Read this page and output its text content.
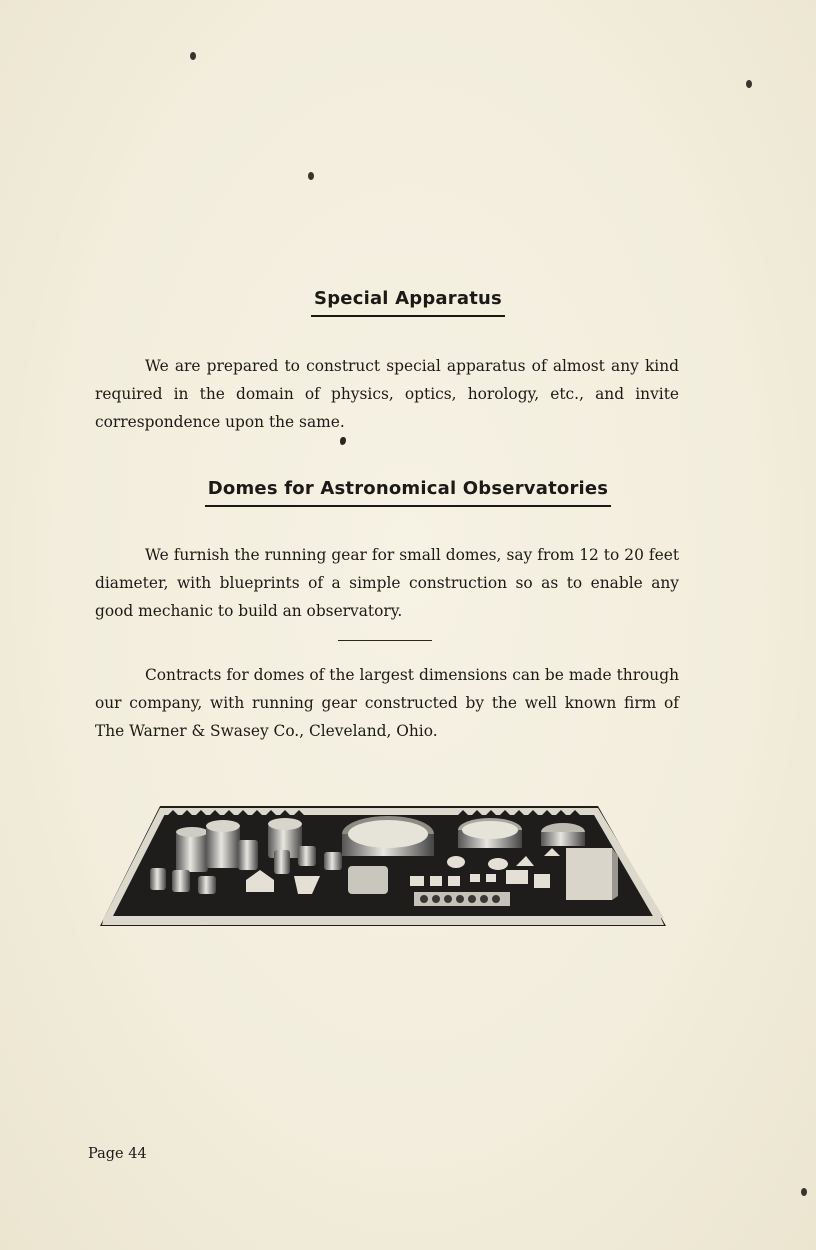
Special Apparatus
We are prepared to construct special apparatus of almost any kind required in the domain of physics, optics, horology, etc., and invite correspondence upon the same.
Domes for Astronomical Observatories
We furnish the running gear for small domes, say from 12 to 20 feet diameter, with blueprints of a simple construction so as to enable any good mechanic to build an observatory.
Contracts for domes of the largest dimensions can be made through our company, with running gear constructed by the well known firm of The Warner & Swasey Co., Cleveland, Ohio.
Page 44
